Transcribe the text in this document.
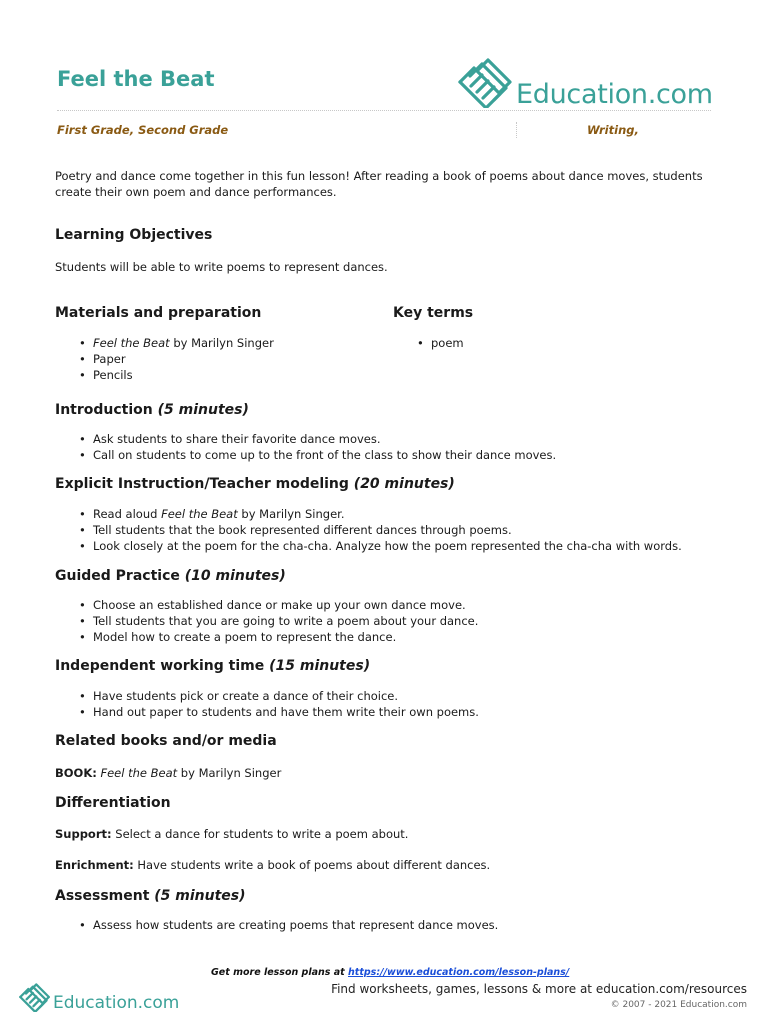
Feel the Beat	Education.com
First Grade, Second Grade	Writing,

Poetry and dance come together in this fun lesson! After reading a book of poems about dance moves, students create their own poem and dance performances.

Learning Objectives

Students will be able to write poems to represent dances.

Materials and preparation
• Feel the Beat by Marilyn Singer
• Paper
• Pencils
Key terms
• poem
Introduction (5 minutes)
• Ask students to share their favorite dance moves.
• Call on students to come up to the front of the class to show their dance moves.
Explicit Instruction/Teacher modeling (20 minutes)
• Read aloud Feel the Beat by Marilyn Singer.
• Tell students that the book represented different dances through poems.
• Look closely at the poem for the cha-cha. Analyze how the poem represented the cha-cha with words.
Guided Practice (10 minutes)
• Choose an established dance or make up your own dance move.
• Tell students that you are going to write a poem about your dance.
• Model how to create a poem to represent the dance.
Independent working time (15 minutes)
• Have students pick or create a dance of their choice.
• Hand out paper to students and have them write their own poems.
Related books and/or media

BOOK: Feel the Beat by Marilyn Singer

Differentiation

Support: Select a dance for students to write a poem about.

Enrichment: Have students write a book of poems about different dances.

Assessment (5 minutes)
• Assess how students are creating poems that represent dance moves.
Get more lesson plans at https://www.education.com/lesson-plans/
Education.com
Find worksheets, games, lessons & more at education.com/resources
© 2007 - 2021 Education.com
